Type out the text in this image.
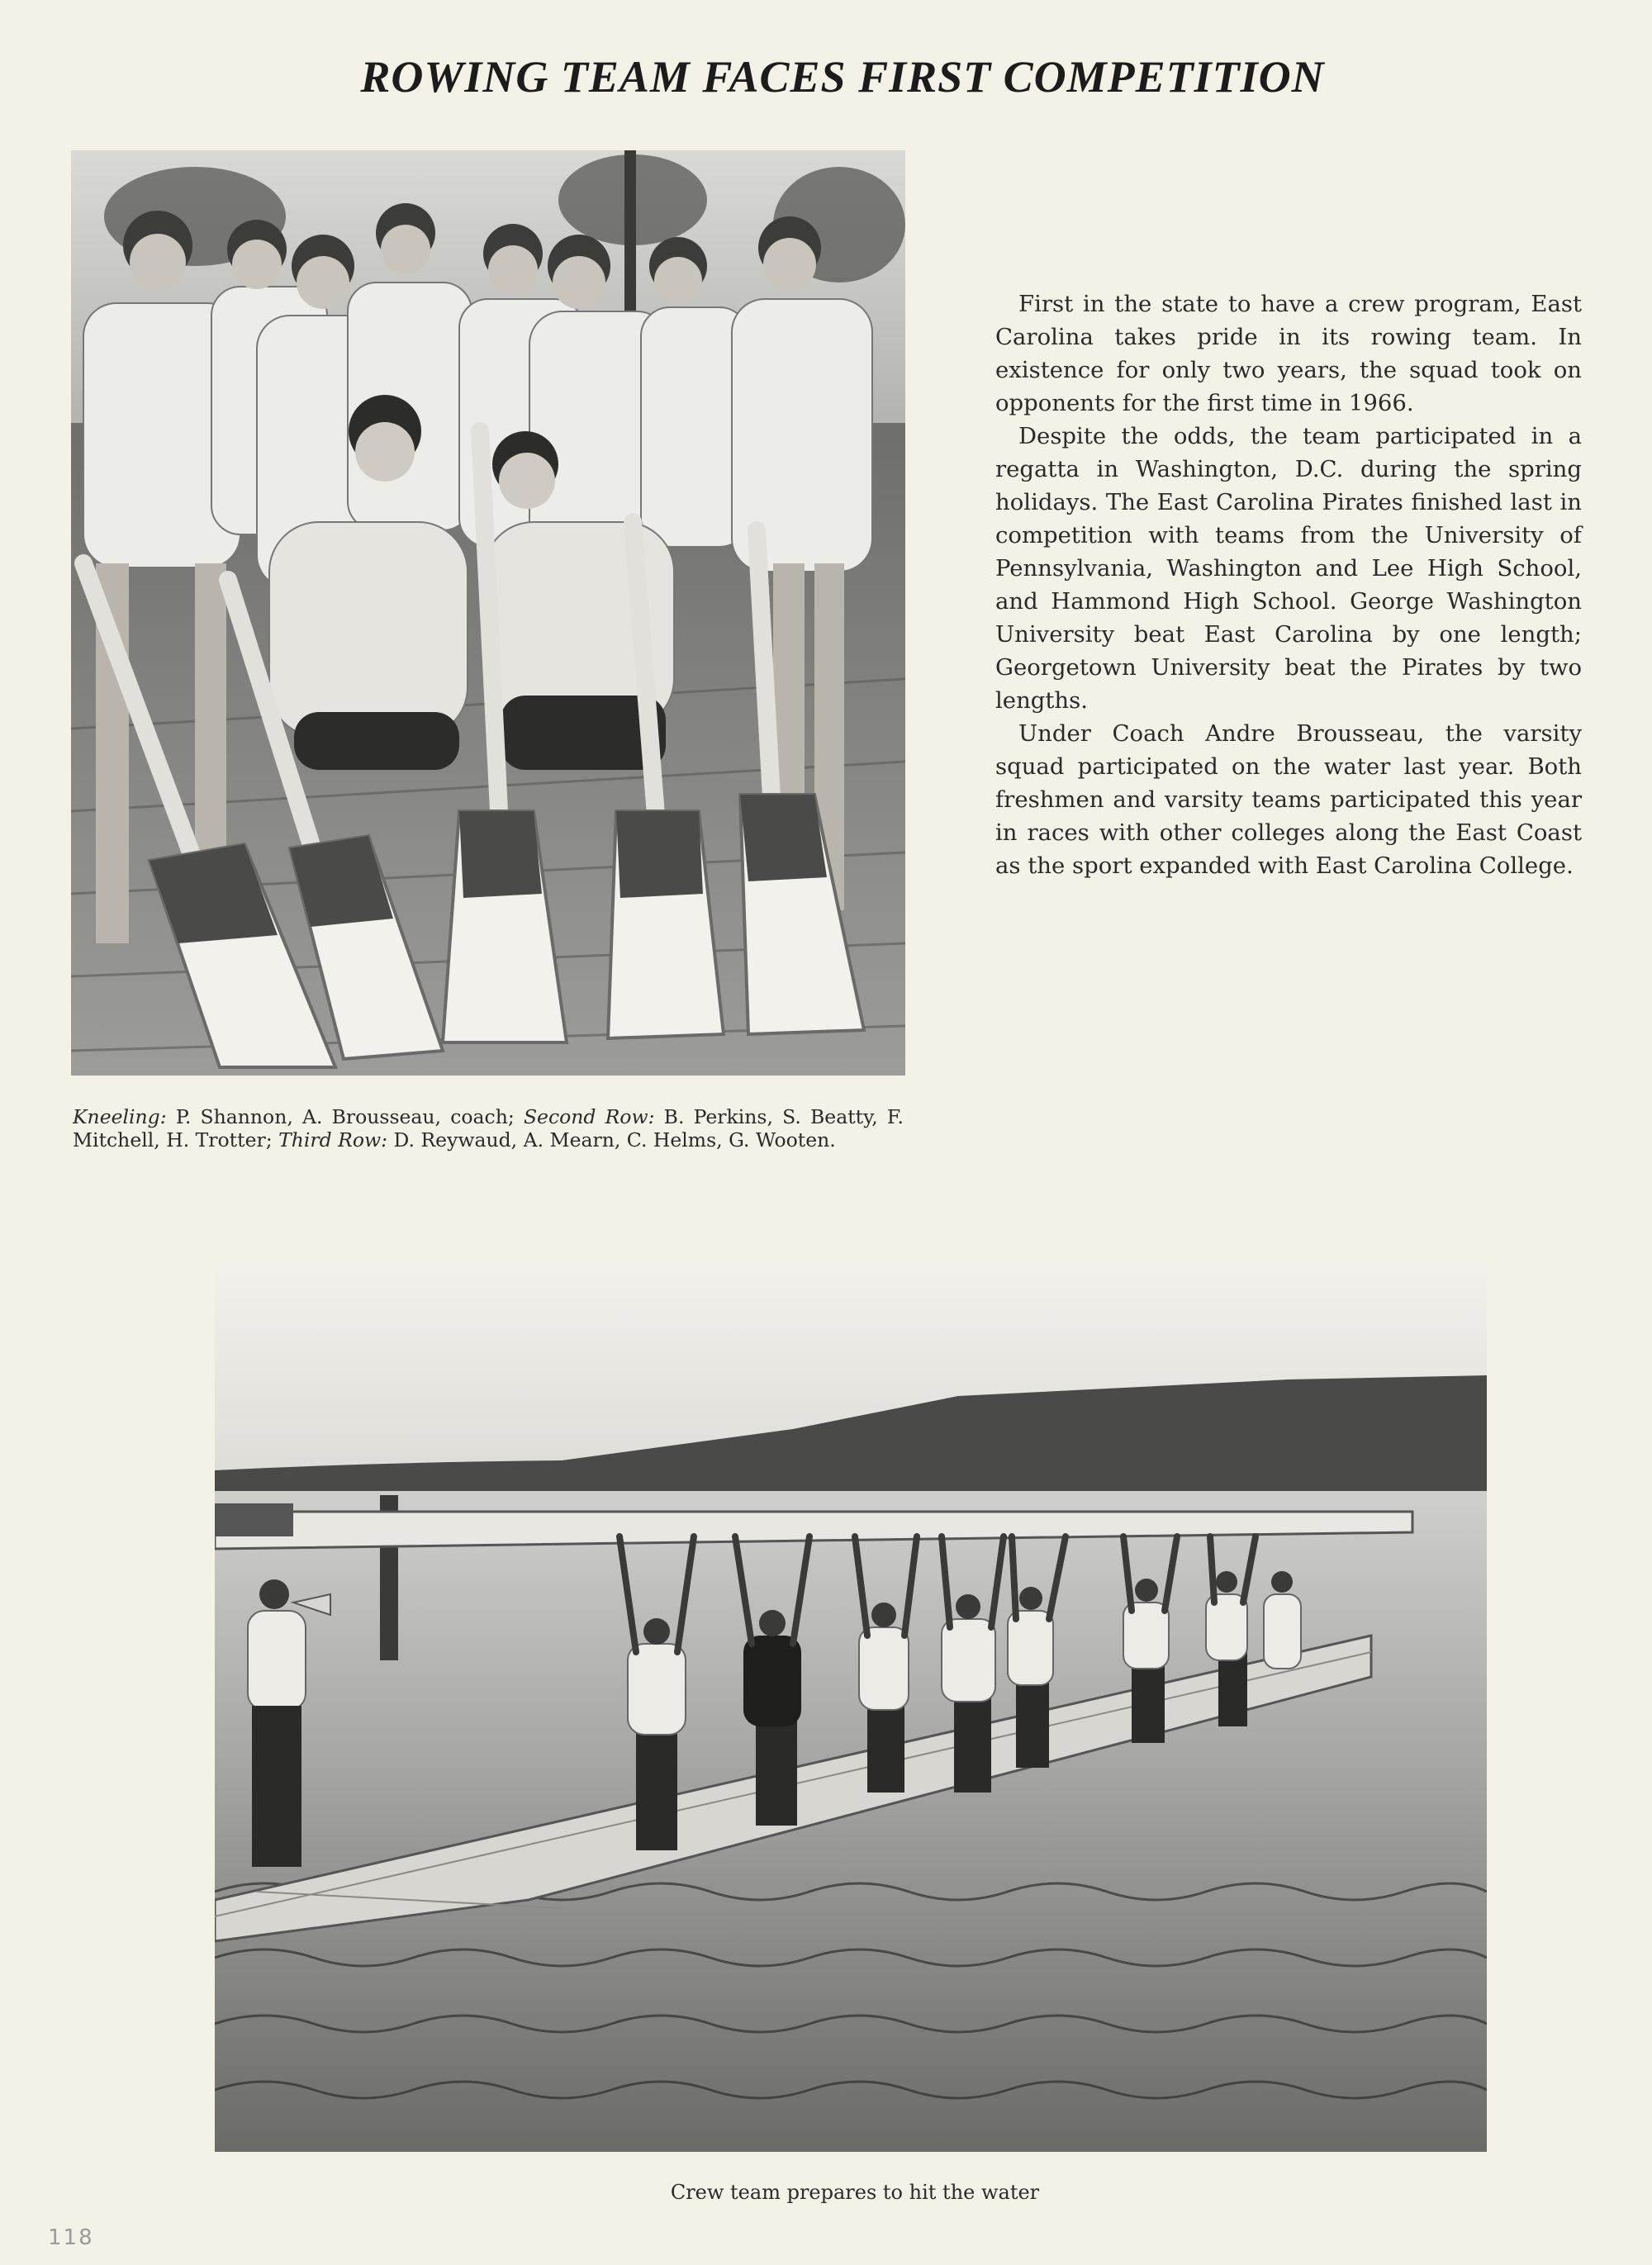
ROWING TEAM FACES FIRST COMPETITION
Kneeling: P. Shannon, A. Brousseau, coach; Second Row: B. Perkins, S. Beatty, F. Mitchell, H. Trotter; Third Row: D. Reywaud, A. Mearn, C. Helms, G. Wooten.

First in the state to have a crew program, East Carolina takes pride in its rowing team. In existence for only two years, the squad took on opponents for the first time in 1966.

Despite the odds, the team participated in a regatta in Washington, D.C. during the spring holidays. The East Carolina Pirates finished last in competition with teams from the University of Pennsylvania, Washington and Lee High School, and Hammond High School. George Washington University beat East Carolina by one length; Georgetown University beat the Pirates by two lengths.

Under Coach Andre Brousseau, the varsity squad participated on the water last year. Both freshmen and varsity teams participated this year in races with other colleges along the East Coast as the sport expanded with East Carolina College.

Crew team prepares to hit the water
118
